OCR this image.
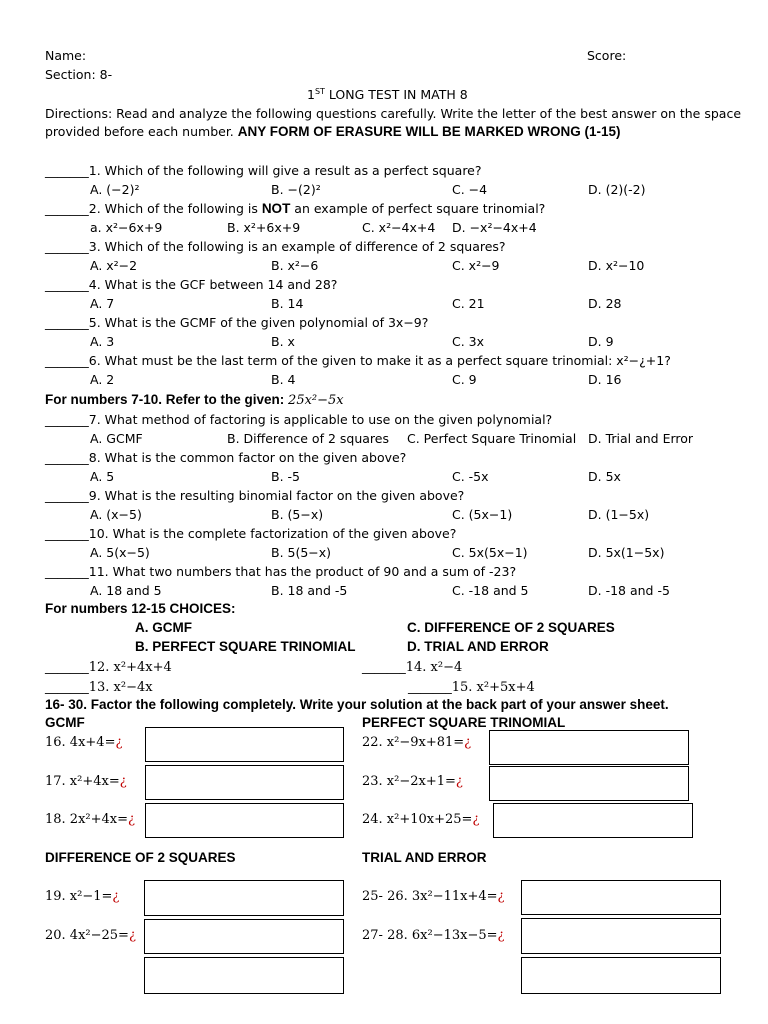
Name:	Score:
Section: 8-
1ST LONG TEST IN MATH 8
Directions: Read and analyze the following questions carefully. Write the letter of the best answer on the space
provided before each number. ANY FORM OF ERASURE WILL BE MARKED WRONG (1-15)
_______1. Which of the following will give a result as a perfect square?
A. (−2)²	B. −(2)²	C. −4	D. (2)(-2)
_______2. Which of the following is NOT an example of perfect square trinomial?
a. x²−6x+9	B. x²+6x+9	C. x²−4x+4 D. −x²−4x+4
_______3. Which of the following is an example of difference of 2 squares?
A. x²−2	B. x²−6	C. x²−9	D. x²−10
_______4. What is the GCF between 14 and 28?
A. 7	B. 14	C. 21	D. 28
_______5. What is the GCMF of the given polynomial of 3x−9?
A. 3	B. x	C. 3x	D. 9
_______6. What must be the last term of the given to make it as a perfect square trinomial: x²−¿+1?
A. 2	B. 4	C. 9	D. 16
For numbers 7-10. Refer to the given: 25x²−5x
_______7. What method of factoring is applicable to use on the given polynomial?
A. GCMF	B. Difference of 2 squares C. Perfect Square Trinomial D. Trial and Error
_______8. What is the common factor on the given above?
A. 5	B. -5	C. -5x	D. 5x
_______9. What is the resulting binomial factor on the given above?
A. (x−5)	B. (5−x)	C. (5x−1)	D. (1−5x)
_______10. What is the complete factorization of the given above?
A. 5(x−5)	B. 5(5−x)	C. 5x(5x−1)	D. 5x(1−5x)
_______11. What two numbers that has the product of 90 and a sum of -23?
A. 18 and 5	B. 18 and -5	C. -18 and 5	D. -18 and -5
For numbers 12-15 CHOICES:
A. GCMF	C. DIFFERENCE OF 2 SQUARES
B. PERFECT SQUARE TRINOMIAL	D. TRIAL AND ERROR
_______12. x²+4x+4	_______14. x²−4
_______13. x²−4x	_______15. x²+5x+4
16- 30. Factor the following completely. Write your solution at the back part of your answer sheet.
GCMF	PERFECT SQUARE TRINOMIAL
16. 4x+4=¿	22. x²−9x+81=¿
17. x²+4x=¿	23. x²−2x+1=¿
18. 2x²+4x=¿	24. x²+10x+25=¿
DIFFERENCE OF 2 SQUARES	TRIAL AND ERROR
19. x²−1=¿	25- 26. 3x²−11x+4=¿
20. 4x²−25=¿	27- 28. 6x²−13x−5=¿
